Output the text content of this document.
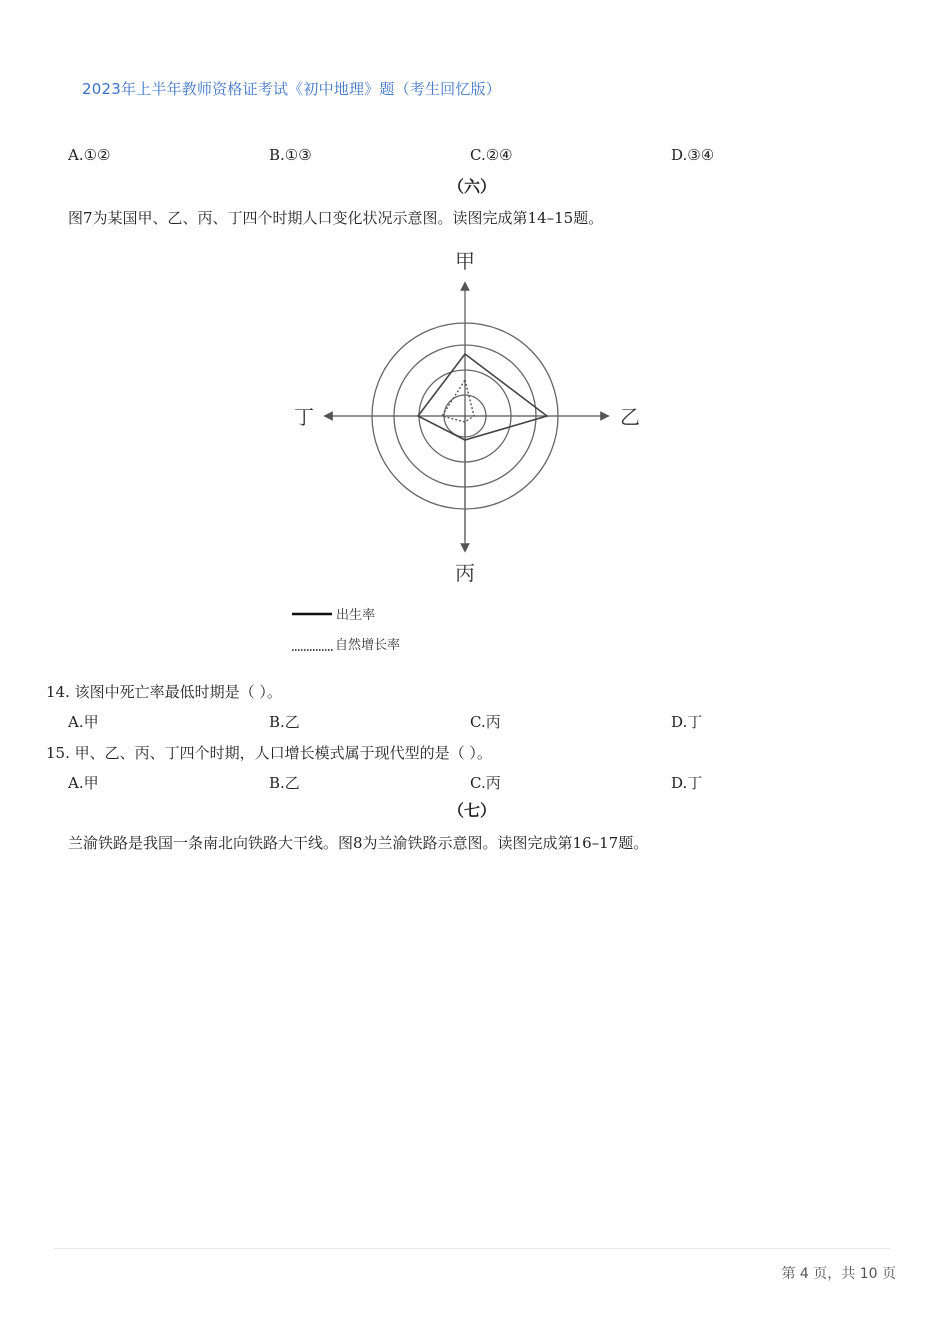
2023年上半年教师资格证考试《初中地理》题（考生回忆版）
A.①②	B.①③	C.②④	D.③④
（六）
图7为某国甲、乙、丙、丁四个时期人口变化状况示意图。读图完成第14–15题。
甲
乙
丙
丁
出生率
自然增长率
14. 该图中死亡率最低时期是（ ）。
A.甲	B.乙	C.丙	D.丁
15. 甲、乙、丙、丁四个时期，人口增长模式属于现代型的是（ ）。
A.甲	B.乙	C.丙	D.丁
（七）
兰渝铁路是我国一条南北向铁路大干线。图8为兰渝铁路示意图。读图完成第16–17题。
第 4 页，共 10 页
